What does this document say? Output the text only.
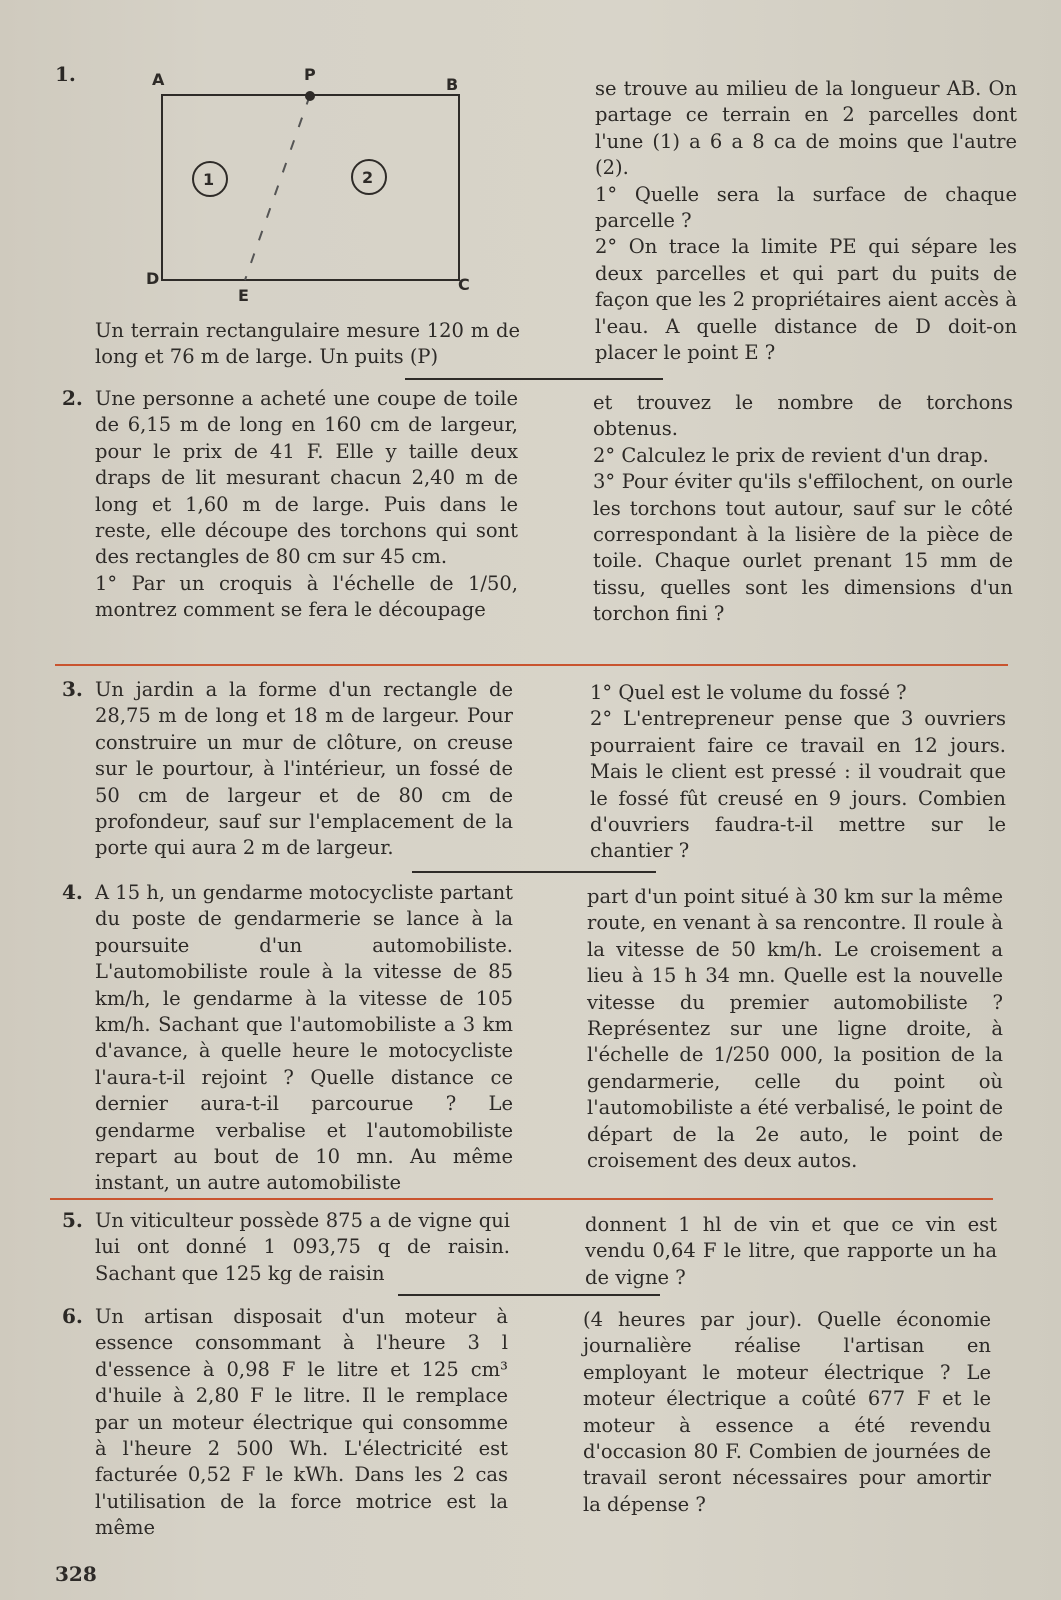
1.
1	2
A	P
B
D	C
E

Un terrain rectangulaire mesure 120 m de long et 76 m de large. Un puits (P)

se trouve au milieu de la longueur AB. On partage ce terrain en 2 parcelles dont l'une (1) a 6 a 8 ca de moins que l'autre (2).

1° Quelle sera la surface de chaque parcelle ?

2° On trace la limite PE qui sépare les deux parcelles et qui part du puits de façon que les 2 propriétaires aient accès à l'eau. A quelle distance de D doit-on placer le point E ?

2. Une personne a acheté une coupe de toile de 6,15 m de long en 160 cm de largeur, pour le prix de 41 F. Elle y taille deux draps de lit mesurant chacun 2,40 m de long et 1,60 m de large. Puis dans le reste, elle découpe des torchons qui sont des rectangles de 80 cm sur 45 cm.

1° Par un croquis à l'échelle de 1/50, montrez comment se fera le découpage

et trouvez le nombre de torchons obtenus.

2° Calculez le prix de revient d'un drap.

3° Pour éviter qu'ils s'effilochent, on ourle les torchons tout autour, sauf sur le côté correspondant à la lisière de la pièce de toile. Chaque ourlet prenant 15 mm de tissu, quelles sont les dimensions d'un torchon fini ?

3. Un jardin a la forme d'un rectangle de 28,75 m de long et 18 m de largeur. Pour construire un mur de clôture, on creuse sur le pourtour, à l'intérieur, un fossé de 50 cm de largeur et de 80 cm de profondeur, sauf sur l'emplacement de la porte qui aura 2 m de largeur.

1° Quel est le volume du fossé ?

2° L'entrepreneur pense que 3 ouvriers pourraient faire ce travail en 12 jours. Mais le client est pressé : il voudrait que le fossé fût creusé en 9 jours. Combien d'ouvriers faudra-t-il mettre sur le chantier ?

4. A 15 h, un gendarme motocycliste partant du poste de gendarmerie se lance à la poursuite d'un automobiliste. L'automobiliste roule à la vitesse de 85 km/h, le gendarme à la vitesse de 105 km/h. Sachant que l'automobiliste a 3 km d'avance, à quelle heure le motocycliste l'aura-t-il rejoint ? Quelle distance ce dernier aura-t-il parcourue ? Le gendarme verbalise et l'automobiliste repart au bout de 10 mn. Au même instant, un autre automobiliste

part d'un point situé à 30 km sur la même route, en venant à sa rencontre. Il roule à la vitesse de 50 km/h. Le croisement a lieu à 15 h 34 mn. Quelle est la nouvelle vitesse du premier automobiliste ? Représentez sur une ligne droite, à l'échelle de 1/250 000, la position de la gendarmerie, celle du point où l'automobiliste a été verbalisé, le point de départ de la 2e auto, le point de croisement des deux autos.

5. Un viticulteur possède 875 a de vigne qui lui ont donné 1 093,75 q de raisin. Sachant que 125 kg de raisin

donnent 1 hl de vin et que ce vin est vendu 0,64 F le litre, que rapporte un ha de vigne ?

6. Un artisan disposait d'un moteur à essence consommant à l'heure 3 l d'essence à 0,98 F le litre et 125 cm³ d'huile à 2,80 F le litre. Il le remplace par un moteur électrique qui consomme à l'heure 2 500 Wh. L'électricité est facturée 0,52 F le kWh. Dans les 2 cas l'utilisation de la force motrice est la même

(4 heures par jour). Quelle économie journalière réalise l'artisan en employant le moteur électrique ? Le moteur électrique a coûté 677 F et le moteur à essence a été revendu d'occasion 80 F. Combien de journées de travail seront nécessaires pour amortir la dépense ?

328
